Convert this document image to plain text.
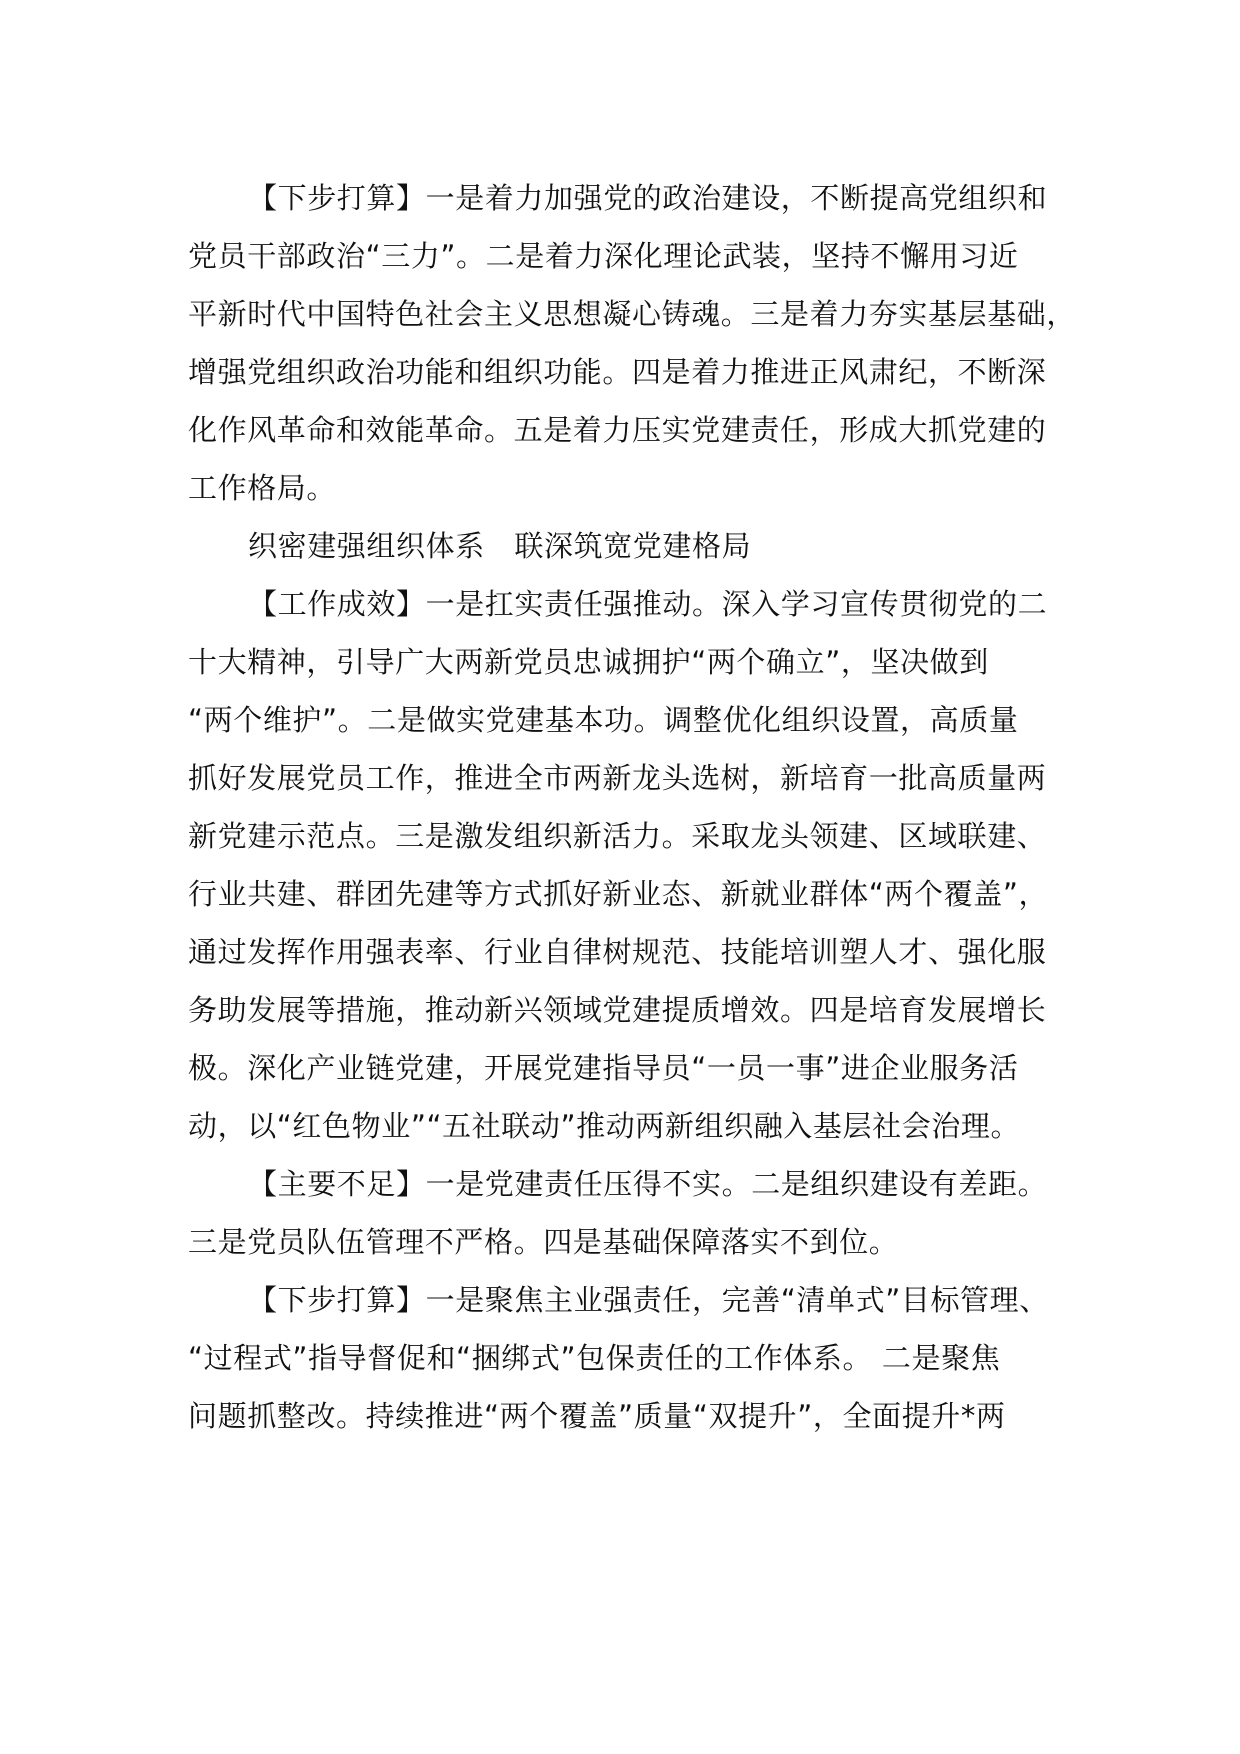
【下步打算】一是着力加强党的政治建设，不断提高党组织和
党员干部政治“三力”。二是着力深化理论武装，坚持不懈用习近
平新时代中国特色社会主义思想凝心铸魂。三是着力夯实基层基础，
增强党组织政治功能和组织功能。四是着力推进正风肃纪，不断深
化作风革命和效能革命。五是着力压实党建责任，形成大抓党建的
工作格局。
织密建强组织体系　联深筑宽党建格局
【工作成效】一是扛实责任强推动。深入学习宣传贯彻党的二
十大精神，引导广大两新党员忠诚拥护“两个确立”，坚决做到
“两个维护”。二是做实党建基本功。调整优化组织设置，高质量
抓好发展党员工作，推进全市两新龙头选树，新培育一批高质量两
新党建示范点。三是激发组织新活力。采取龙头领建、区域联建、
行业共建、群团先建等方式抓好新业态、新就业群体“两个覆盖”，
通过发挥作用强表率、行业自律树规范、技能培训塑人才、强化服
务助发展等措施，推动新兴领域党建提质增效。四是培育发展增长
极。深化产业链党建，开展党建指导员“一员一事”进企业服务活
动，以“红色物业”“五社联动”推动两新组织融入基层社会治理。
【主要不足】一是党建责任压得不实。二是组织建设有差距。
三是党员队伍管理不严格。四是基础保障落实不到位。
【下步打算】一是聚焦主业强责任，完善“清单式”目标管理、
“过程式”指导督促和“捆绑式”包保责任的工作体系。 二是聚焦
问题抓整改。持续推进“两个覆盖”质量“双提升”，全面提升*两
